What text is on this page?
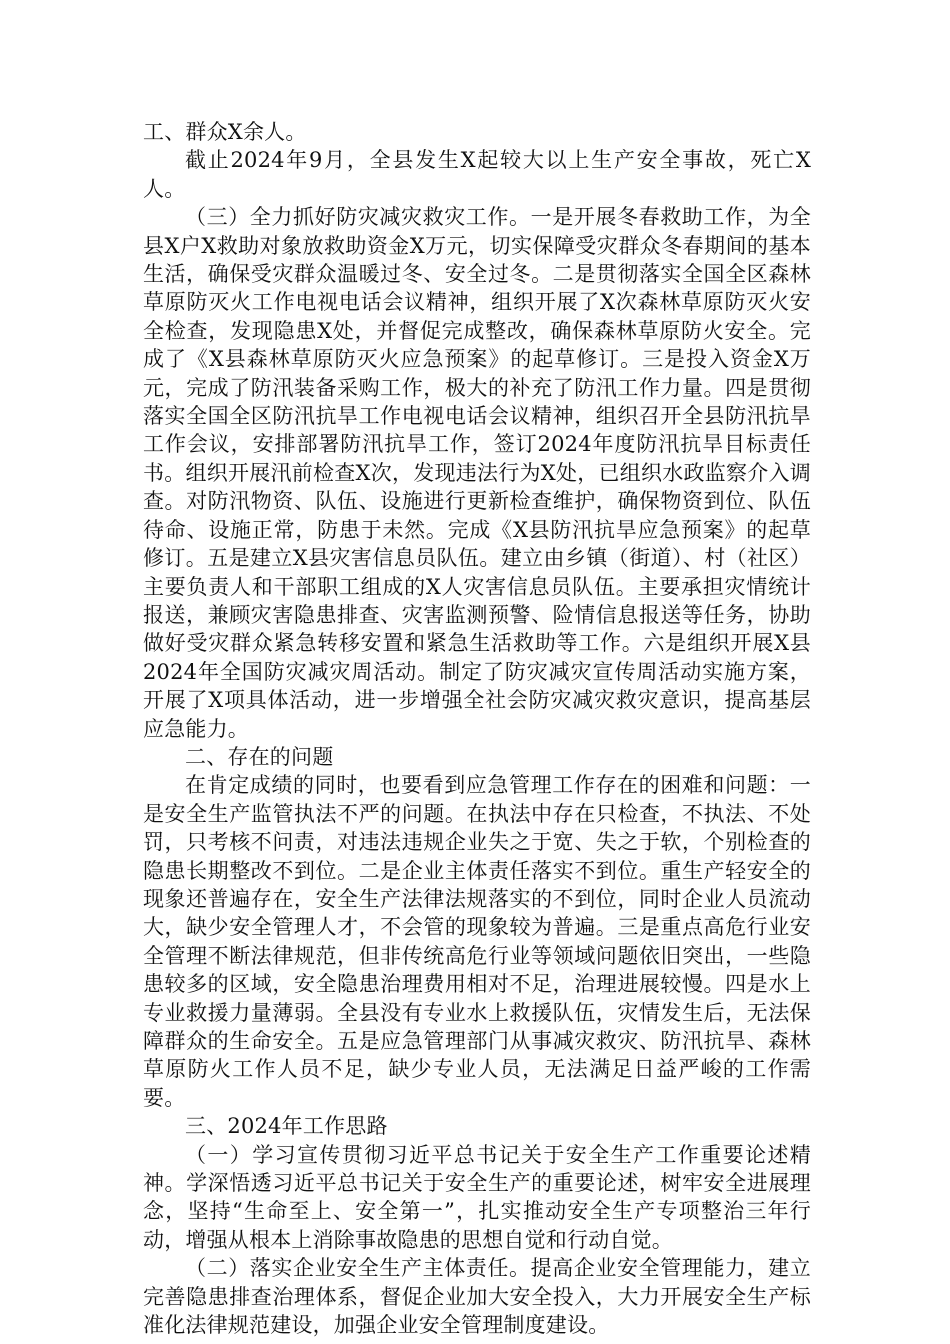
工、群众X余人。

截止2024年9月，全县发生X起较大以上生产安全事故，死亡X人。

（三）全力抓好防灾减灾救灾工作。一是开展冬春救助工作，为全县X户X救助对象放救助资金X万元，切实保障受灾群众冬春期间的基本生活，确保受灾群众温暖过冬、安全过冬。二是贯彻落实全国全区森林草原防灭火工作电视电话会议精神，组织开展了X次森林草原防灭火安全检查，发现隐患X处，并督促完成整改，确保森林草原防火安全。完成了《X县森林草原防灭火应急预案》的起草修订。三是投入资金X万元，完成了防汛装备采购工作，极大的补充了防汛工作力量。四是贯彻落实全国全区防汛抗旱工作电视电话会议精神，组织召开全县防汛抗旱工作会议，安排部署防汛抗旱工作，签订2024年度防汛抗旱目标责任书。组织开展汛前检查X次，发现违法行为X处，已组织水政监察介入调查。对防汛物资、队伍、设施进行更新检查维护，确保物资到位、队伍待命、设施正常，防患于未然。完成《X县防汛抗旱应急预案》的起草修订。五是建立X县灾害信息员队伍。建立由乡镇（街道）、村（社区）主要负责人和干部职工组成的X人灾害信息员队伍。主要承担灾情统计报送，兼顾灾害隐患排查、灾害监测预警、险情信息报送等任务，协助做好受灾群众紧急转移安置和紧急生活救助等工作。六是组织开展X县2024年全国防灾减灾周活动。制定了防灾减灾宣传周活动实施方案，开展了X项具体活动，进一步增强全社会防灾减灾救灾意识，提高基层应急能力。

二、存在的问题

在肯定成绩的同时，也要看到应急管理工作存在的困难和问题：一是安全生产监管执法不严的问题。在执法中存在只检查，不执法、不处罚，只考核不问责，对违法违规企业失之于宽、失之于软，个别检查的隐患长期整改不到位。二是企业主体责任落实不到位。重生产轻安全的现象还普遍存在，安全生产法律法规落实的不到位，同时企业人员流动大，缺少安全管理人才，不会管的现象较为普遍。三是重点高危行业安全管理不断法律规范，但非传统高危行业等领域问题依旧突出，一些隐患较多的区域，安全隐患治理费用相对不足，治理进展较慢。四是水上专业救援力量薄弱。全县没有专业水上救援队伍，灾情发生后，无法保障群众的生命安全。五是应急管理部门从事减灾救灾、防汛抗旱、森林草原防火工作人员不足，缺少专业人员，无法满足日益严峻的工作需要。

三、2024年工作思路

（一）学习宣传贯彻习近平总书记关于安全生产工作重要论述精神。学深悟透习近平总书记关于安全生产的重要论述，树牢安全进展理念，坚持“生命至上、安全第一”，扎实推动安全生产专项整治三年行动，增强从根本上消除事故隐患的思想自觉和行动自觉。

（二）落实企业安全生产主体责任。提高企业安全管理能力，建立完善隐患排查治理体系，督促企业加大安全投入，大力开展安全生产标准化法律规范建设，加强企业安全管理制度建设。
